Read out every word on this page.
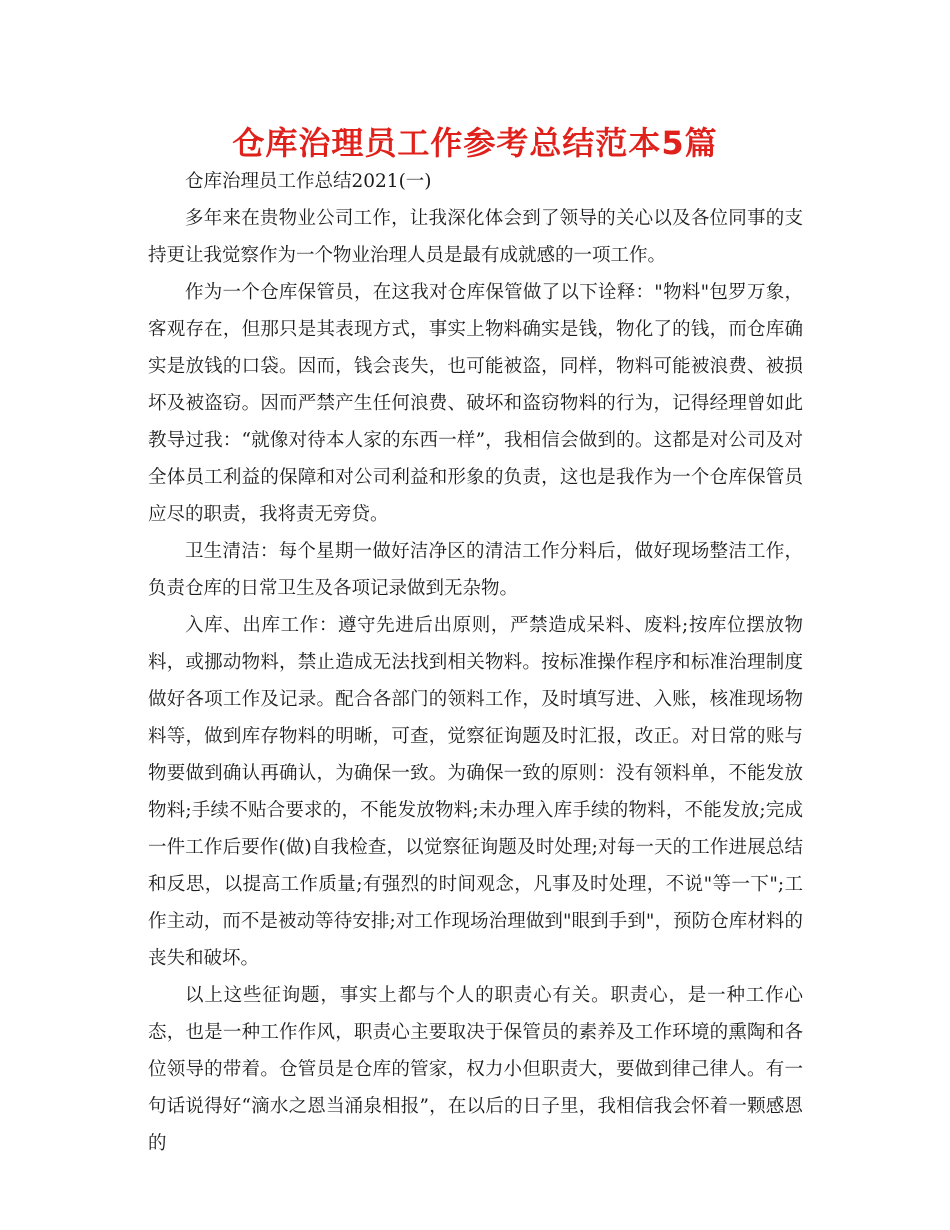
仓库治理员工作参考总结范本5篇

仓库治理员工作总结2021(一)

多年来在贵物业公司工作，让我深化体会到了领导的关心以及各位同事的支持更让我觉察作为一个物业治理人员是最有成就感的一项工作。

作为一个仓库保管员，在这我对仓库保管做了以下诠释："物料"包罗万象，客观存在，但那只是其表现方式，事实上物料确实是钱，物化了的钱，而仓库确实是放钱的口袋。因而，钱会丧失，也可能被盗，同样，物料可能被浪费、被损坏及被盗窃。因而严禁产生任何浪费、破坏和盗窃物料的行为，记得经理曾如此教导过我：“就像对待本人家的东西一样”，我相信会做到的。这都是对公司及对全体员工利益的保障和对公司利益和形象的负责，这也是我作为一个仓库保管员应尽的职责，我将责无旁贷。

卫生清洁：每个星期一做好洁净区的清洁工作分料后，做好现场整洁工作，负责仓库的日常卫生及各项记录做到无杂物。

入库、出库工作：遵守先进后出原则，严禁造成呆料、废料;按库位摆放物料，或挪动物料，禁止造成无法找到相关物料。按标准操作程序和标准治理制度做好各项工作及记录。配合各部门的领料工作，及时填写进、入账，核准现场物料等，做到库存物料的明晰，可查，觉察征询题及时汇报，改正。对日常的账与物要做到确认再确认，为确保一致。为确保一致的原则：没有领料单，不能发放物料;手续不贴合要求的，不能发放物料;未办理入库手续的物料，不能发放;完成一件工作后要作(做)自我检查，以觉察征询题及时处理;对每一天的工作进展总结和反思，以提高工作质量;有强烈的时间观念，凡事及时处理，不说"等一下";工作主动，而不是被动等待安排;对工作现场治理做到"眼到手到"，预防仓库材料的丧失和破坏。

以上这些征询题，事实上都与个人的职责心有关。职责心，是一种工作心态，也是一种工作作风，职责心主要取决于保管员的素养及工作环境的熏陶和各位领导的带着。仓管员是仓库的管家，权力小但职责大，要做到律己律人。有一句话说得好“滴水之恩当涌泉相报”，在以后的日子里，我相信我会怀着一颗感恩的
